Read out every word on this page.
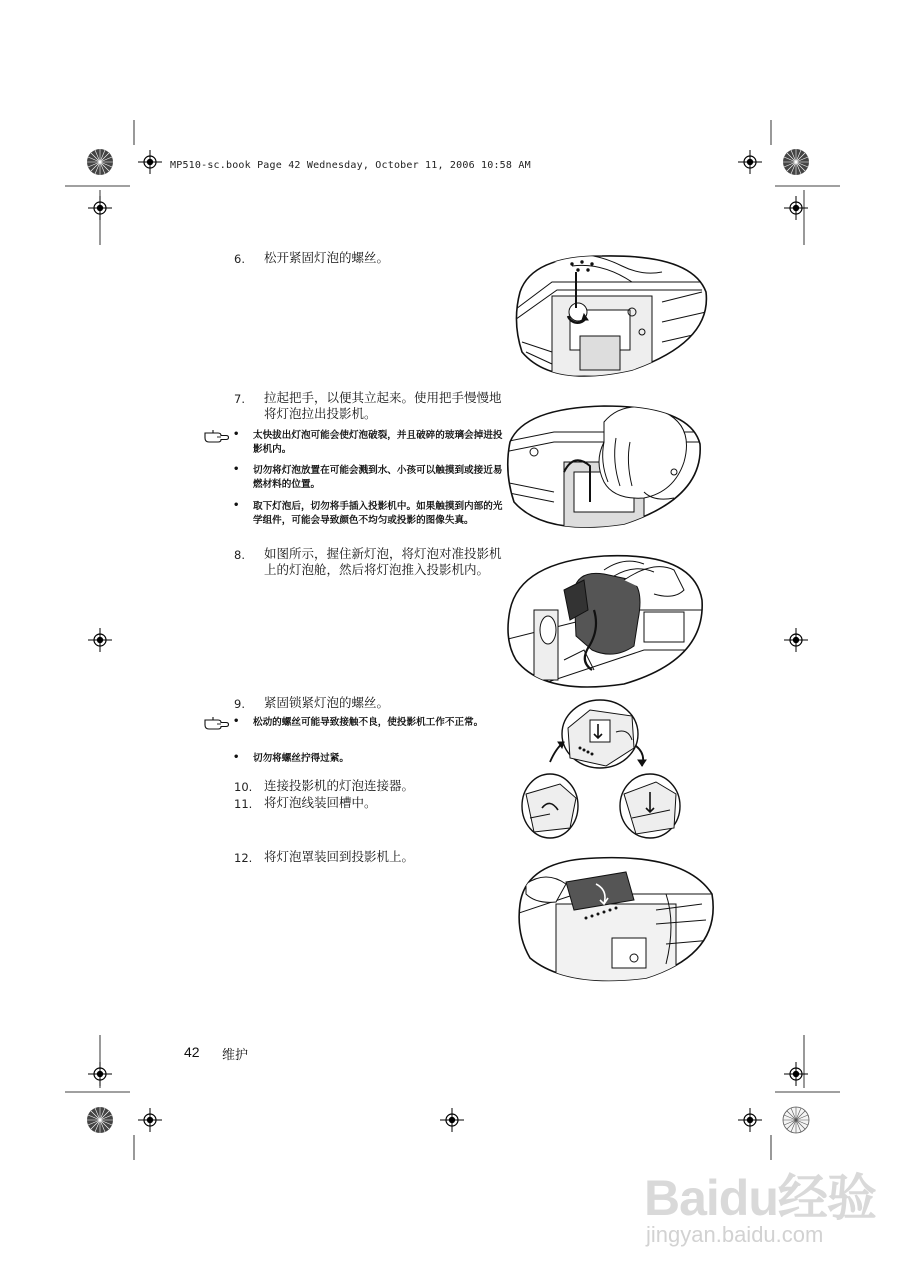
MP510-sc.book Page 42 Wednesday, October 11, 2006 10:58 AM
6.	松开紧固灯泡的螺丝。
7.	拉起把手，以便其立起来。使用把手慢慢地将灯泡拉出投影机。
• 太快拔出灯泡可能会使灯泡破裂，并且破碎的玻璃会掉进投影机内。
• 切勿将灯泡放置在可能会溅到水、小孩可以触摸到或接近易燃材料的位置。
• 取下灯泡后，切勿将手插入投影机中。如果触摸到内部的光学组件，可能会导致颜色不均匀或投影的图像失真。
8.	如图所示，握住新灯泡，将灯泡对准投影机上的灯泡舱，然后将灯泡推入投影机内。
9.	紧固锁紧灯泡的螺丝。
• 松动的螺丝可能导致接触不良，使投影机工作不正常。
• 切勿将螺丝拧得过紧。
10. 连接投影机的灯泡连接器。
11. 将灯泡线装回槽中。
12. 将灯泡罩装回到投影机上。
42 维护
Baidu经验
jingyan.baidu.com
